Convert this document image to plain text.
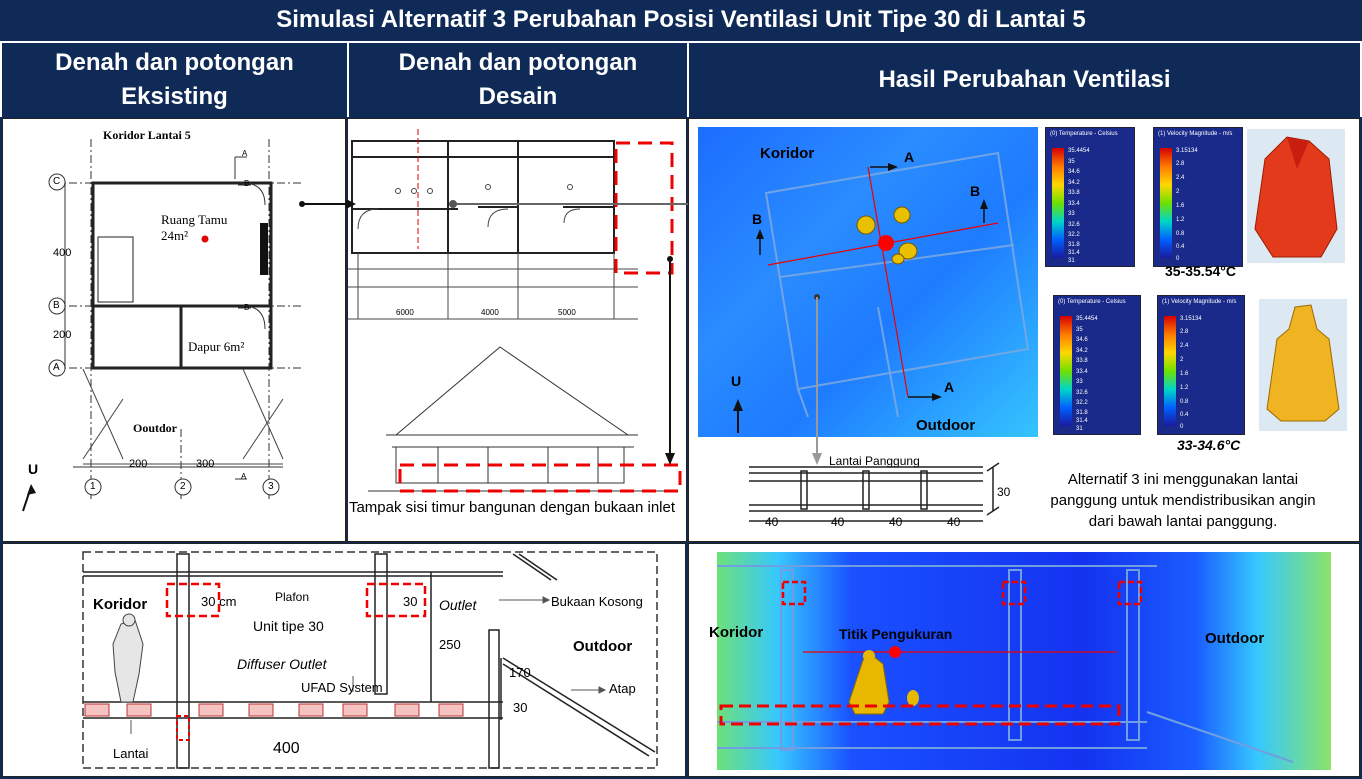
Simulasi Alternatif 3 Perubahan Posisi Ventilasi Unit Tipe 30 di Lantai 5
Denah dan potongan
Eksisting
Denah dan potongan
Desain
Hasil Perubahan Ventilasi
Koridor Lantai 5
Ruang Tamu
24m²
Dapur 6m²
Ooutdor
U
C
B
A
1	2	3
400
200
200	300
A
A
B
B
6000	4000	5000
Tampak sisi timur bangunan dengan bukaan inlet
Koridor
Outdoor
A
A
B
B
U
(0) Temperature - Celsius
35.4454
35
34.6
34.2
33.8
33.4
33
32.6
32.2
31.8
31.4
31
(1) Velocity Magnitude - m/s
3.15134
2.8
2.4
2
1.6
1.2
0.8
0.4
0
35-35.54°C
(0) Temperature - Celsius
35.4454
35
34.6
34.2
33.8
33.4
33
32.6
32.2
31.8
31.4
31
(1) Velocity Magnitude - m/s
3.15134
2.8
2.4
2
1.6
1.2
0.8
0.4
0
33-34.6°C
Lantai Panggung
40	40	40	40
30
Alternatif 3 ini menggunakan lantai
panggung untuk mendistribusikan angin
dari bawah lantai panggung.
Koridor	30 cm	Plafon	30 Outlet	Bukaan Kosong
Unit tipe 30
250	Outdoor
Diffuser Outlet
170
Atap
UFAD System
30
Lantai	400
Koridor	Titik Pengukuran	Outdoor
